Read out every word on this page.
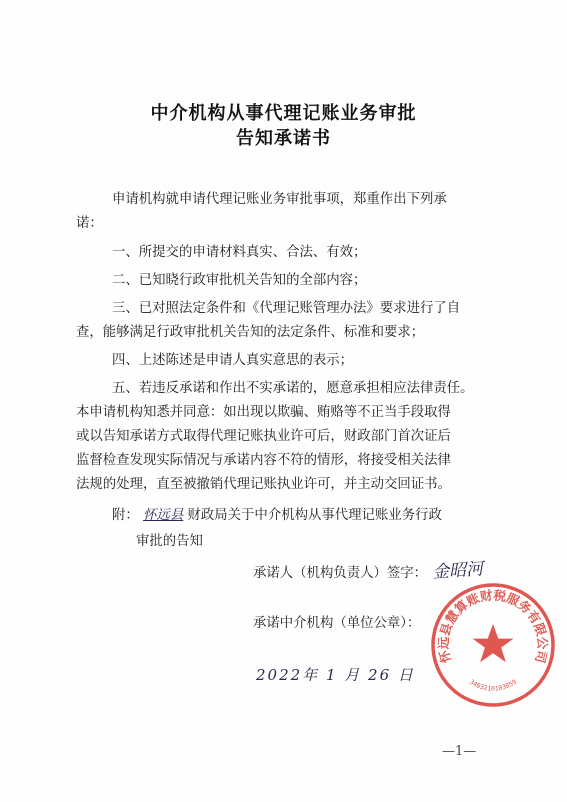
中介机构从事代理记账业务审批
告知承诺书
申请机构就申请代理记账业务审批事项，郑重作出下列承
诺：
一、所提交的申请材料真实、合法、有效；
二、已知晓行政审批机关告知的全部内容；
三、已对照法定条件和《代理记账管理办法》要求进行了自
查，能够满足行政审批机关告知的法定条件、标准和要求；
四、上述陈述是申请人真实意思的表示；
五、若违反承诺和作出不实承诺的，愿意承担相应法律责任。
本申请机构知悉并同意：如出现以欺骗、贿赂等不正当手段取得
或以告知承诺方式取得代理记账执业许可后，财政部门首次证后
监督检查发现实际情况与承诺内容不符的情形，将接受相关法律
法规的处理，直至被撤销代理记账执业许可，并主动交回证书。
附： 怀远县 财政局关于中介机构从事代理记账业务行政
审批的告知
承诺人（机构负责人）签字： 金昭河
承诺中介机构（单位公章）：
怀远县慧算账财税服务有限公司
3403210103859
2022年 1 月 26 日
—1—
